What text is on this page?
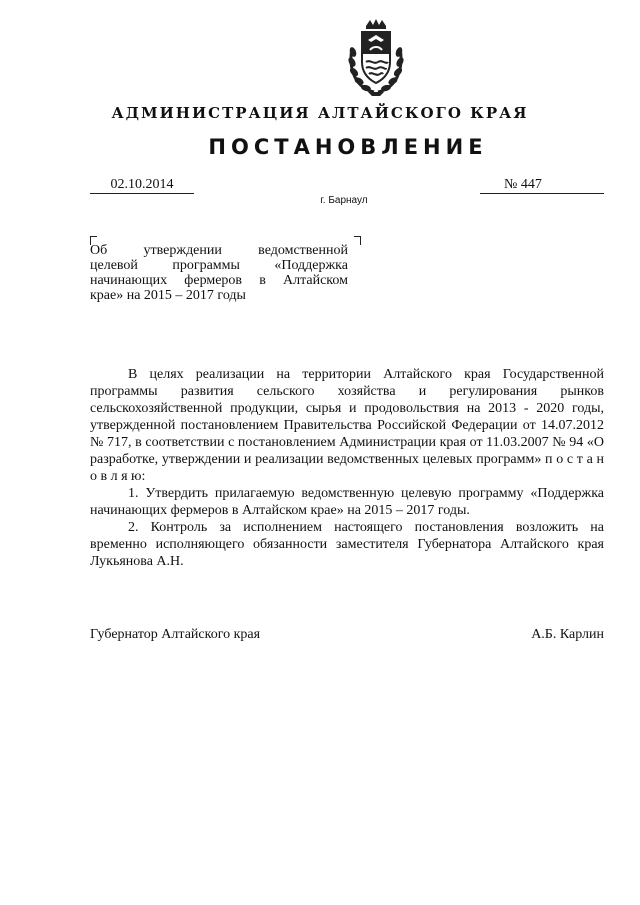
АДМИНИСТРАЦИЯ АЛТАЙСКОГО КРАЯ
ПОСТАНОВЛЕНИЕ
02.10.2014	№ 447
г. Барнаул
Об утверждении ведомственной
целевой программы «Поддержка
начинающих фермеров в Алтайском
крае» на 2015 – 2017 годы

В целях реализации на территории Алтайского края Государственной программы развития сельского хозяйства и регулирования рынков сельскохозяйственной продукции, сырья и продовольствия на 2013 - 2020 годы, утвержденной постановлением Правительства Российской Федерации от 14.07.2012 № 717, в соответствии с постановлением Администрации края от 11.03.2007 № 94 «О разработке, утверждении и реализации ведомственных целевых программ» п о с т а н о в л я ю:

1. Утвердить прилагаемую ведомственную целевую программу «Поддержка начинающих фермеров в Алтайском крае» на 2015 – 2017 годы.

2. Контроль за исполнением настоящего постановления возложить на временно исполняющего обязанности заместителя Губернатора Алтайского края Лукьянова А.Н.

Губернатор Алтайского края	А.Б. Карлин
